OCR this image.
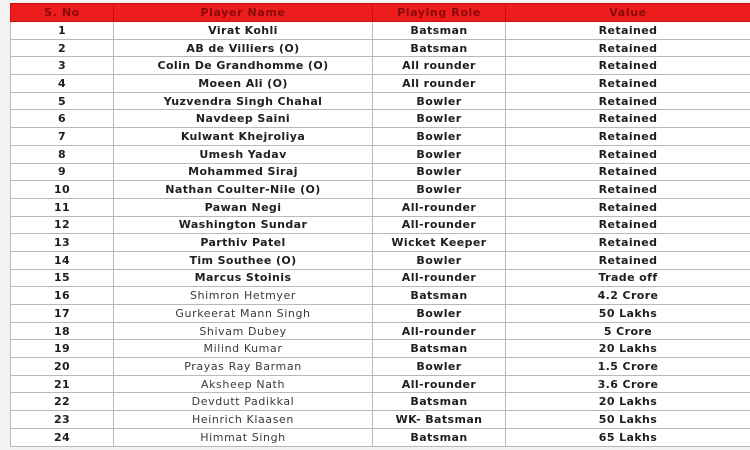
S. No	Player Name	Playing Role	Value
1	Virat Kohli	Batsman	Retained
2	AB de Villiers (O)	Batsman	Retained
3	Colin De Grandhomme (O)	All rounder	Retained
4	Moeen Ali (O)	All rounder	Retained
5	Yuzvendra Singh Chahal	Bowler	Retained
6	Navdeep Saini	Bowler	Retained
7	Kulwant Khejroliya	Bowler	Retained
8	Umesh Yadav	Bowler	Retained
9	Mohammed Siraj	Bowler	Retained
10	Nathan Coulter-Nile (O)	Bowler	Retained
11	Pawan Negi	All-rounder	Retained
12	Washington Sundar	All-rounder	Retained
13	Parthiv Patel	Wicket Keeper	Retained
14	Tim Southee (O)	Bowler	Retained
15	Marcus Stoinis	All-rounder	Trade off
16	Shimron Hetmyer	Batsman	4.2 Crore
17	Gurkeerat Mann Singh	Bowler	50 Lakhs
18	Shivam Dubey	All-rounder	5 Crore
19	Milind Kumar	Batsman	20 Lakhs
20	Prayas Ray Barman	Bowler	1.5 Crore
21	Aksheep Nath	All-rounder	3.6 Crore
22	Devdutt Padikkal	Batsman	20 Lakhs
23	Heinrich Klaasen	WK- Batsman	50 Lakhs
24	Himmat Singh	Batsman	65 Lakhs
